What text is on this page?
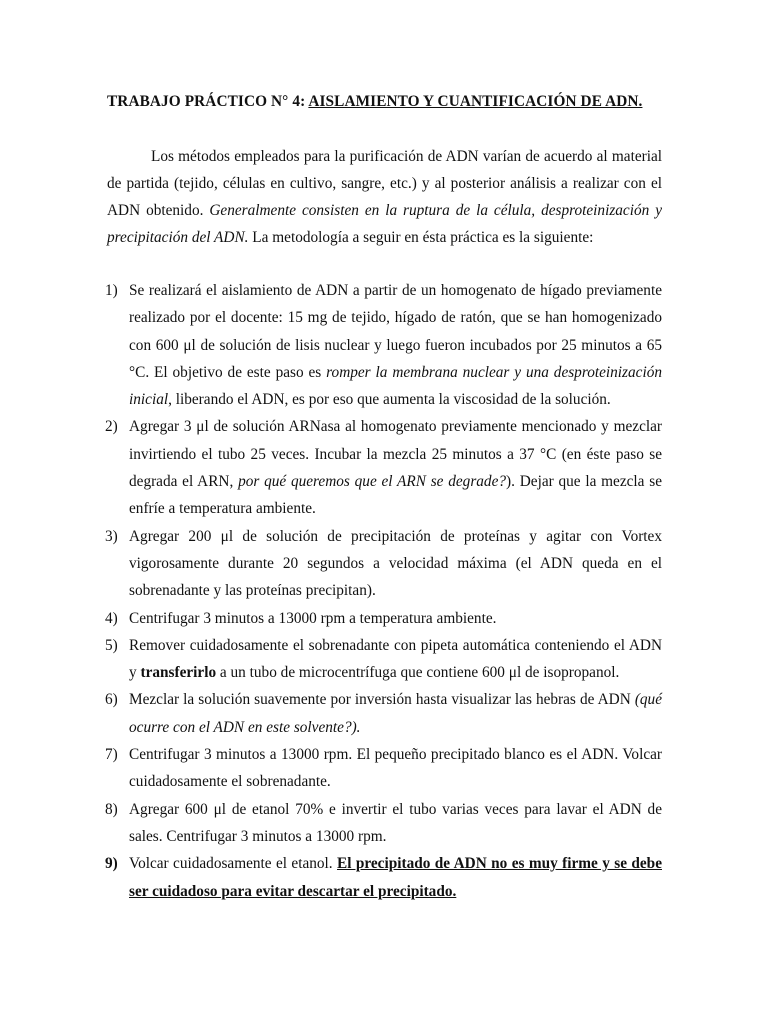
TRABAJO PRÁCTICO N° 4: AISLAMIENTO Y CUANTIFICACIÓN DE ADN.

Los métodos empleados para la purificación de ADN varían de acuerdo al material de partida (tejido, células en cultivo, sangre, etc.) y al posterior análisis a realizar con el ADN obtenido. Generalmente consisten en la ruptura de la célula, desproteinización y precipitación del ADN. La metodología a seguir en ésta práctica es la siguiente:

1) Se realizará el aislamiento de ADN a partir de un homogenato de hígado previamente realizado por el docente: 15 mg de tejido, hígado de ratón, que se han homogenizado con 600 μl de solución de lisis nuclear y luego fueron incubados por 25 minutos a 65 °C. El objetivo de este paso es romper la membrana nuclear y una desproteinización inicial, liberando el ADN, es por eso que aumenta la viscosidad de la solución.
2) Agregar 3 μl de solución ARNasa al homogenato previamente mencionado y mezclar invirtiendo el tubo 25 veces. Incubar la mezcla 25 minutos a 37 °C (en éste paso se degrada el ARN, por qué queremos que el ARN se degrade?). Dejar que la mezcla se enfríe a temperatura ambiente.
3) Agregar 200 μl de solución de precipitación de proteínas y agitar con Vortex vigorosamente durante 20 segundos a velocidad máxima (el ADN queda en el sobrenadante y las proteínas precipitan).
4) Centrifugar 3 minutos a 13000 rpm a temperatura ambiente.
5) Remover cuidadosamente el sobrenadante con pipeta automática conteniendo el ADN y transferirlo a un tubo de microcentrífuga que contiene 600 μl de isopropanol.
6) Mezclar la solución suavemente por inversión hasta visualizar las hebras de ADN (qué ocurre con el ADN en este solvente?).
7) Centrifugar 3 minutos a 13000 rpm. El pequeño precipitado blanco es el ADN. Volcar cuidadosamente el sobrenadante.
8) Agregar 600 μl de etanol 70% e invertir el tubo varias veces para lavar el ADN de sales. Centrifugar 3 minutos a 13000 rpm.
9) Volcar cuidadosamente el etanol. El precipitado de ADN no es muy firme y se debe ser cuidadoso para evitar descartar el precipitado.
